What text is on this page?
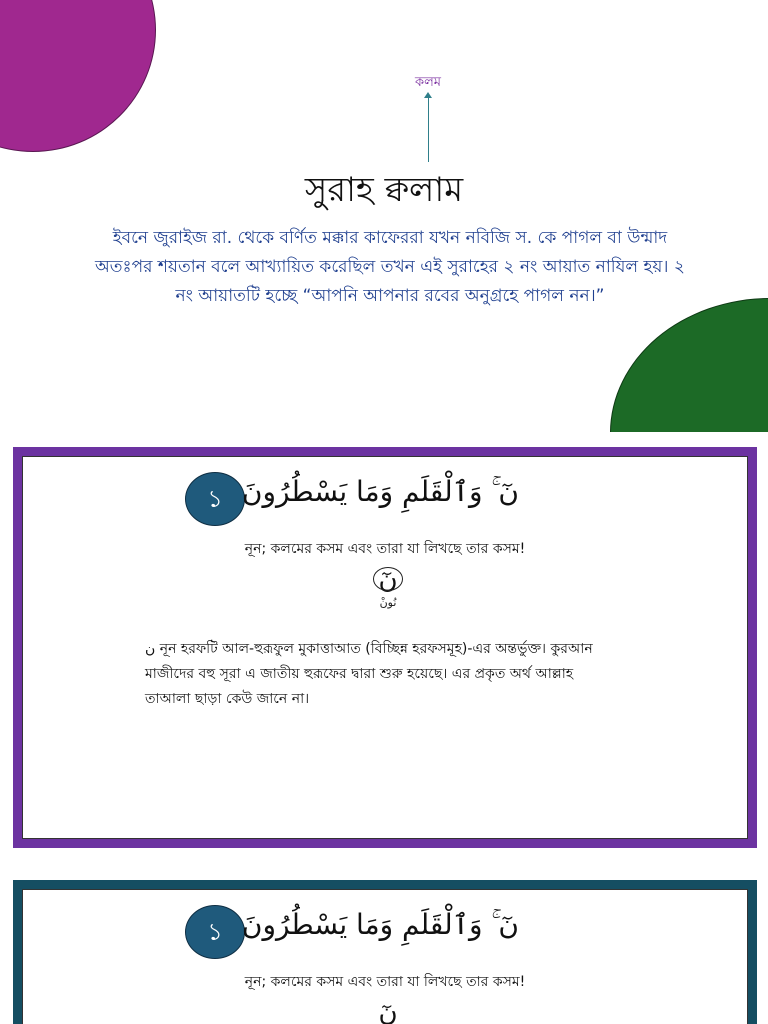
কলম
সুরাহ ক্বলাম
ইবনে জুরাইজ রা. থেকে বর্ণিত মক্কার কাফেররা যখন নবিজি স. কে পাগল বা উন্মাদ অতঃপর শয়তান বলে আখ্যায়িত করেছিল তখন এই সুরাহের ২ নং আয়াত নাযিল হয়। ২ নং আয়াতটি হচ্ছে “আপনি আপনার রবের অনুগ্রহে পাগল নন।”
১ نٓ ۚ وَٱلْقَلَمِ وَمَا يَسْطُرُونَ
নূন; কলমের কসম এবং তারা যা লিখছে তার কসম!
نٓ
نُونْ
ن নূন হরফটি আল-হুরূফুল মুকাত্তাআত (বিচ্ছিন্ন হরফসমূহ)-এর অন্তর্ভুক্ত। কুরআন মাজীদের বহু সূরা এ জাতীয় হুরূফের দ্বারা শুরু হয়েছে। এর প্রকৃত অর্থ আল্লাহ তাআলা ছাড়া কেউ জানে না।
১ نٓ ۚ وَٱلْقَلَمِ وَمَا يَسْطُرُونَ
নূন; কলমের কসম এবং তারা যা লিখছে তার কসম!
نٓ
